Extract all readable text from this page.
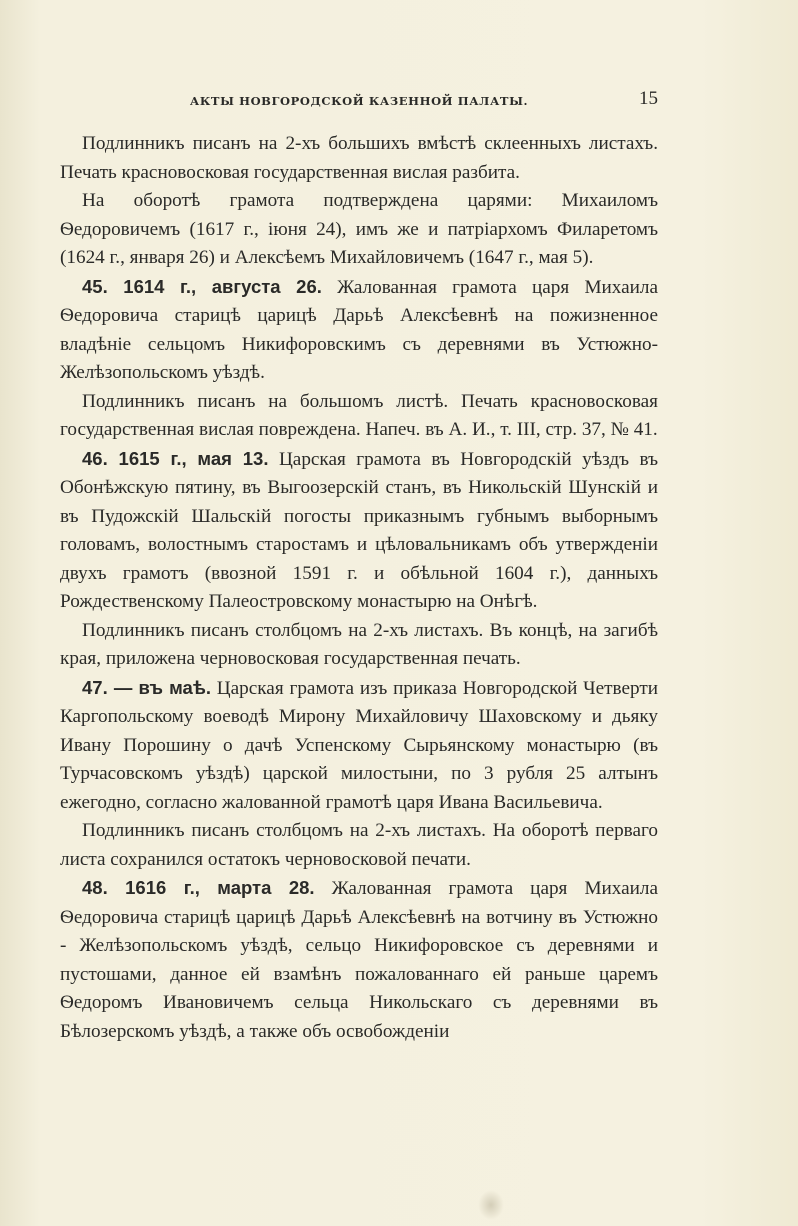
АКТЫ НОВГОРОДСКОЙ КАЗЕННОЙ ПАЛАТЫ.	15

Подлинникъ писанъ на 2-хъ большихъ вмѣстѣ склеенныхъ листахъ. Печать красновосковая государственная вислая разбита.

На оборотѣ грамота подтверждена царями: Михаиломъ Ѳедоровичемъ (1617 г., іюня 24), имъ же и патріархомъ Филаретомъ (1624 г., января 26) и Алексѣемъ Михайловичемъ (1647 г., мая 5).

45. 1614 г., августа 26. Жалованная грамота царя Михаила Ѳедоровича старицѣ царицѣ Дарьѣ Алексѣевнѣ на пожизненное владѣніе сельцомъ Никифоровскимъ съ деревнями въ Устюжно-Желѣзопольскомъ уѣздѣ.

Подлинникъ писанъ на большомъ листѣ. Печать красновосковая государственная вислая повреждена. Напеч. въ А. И., т. III, стр. 37, № 41.

46. 1615 г., мая 13. Царская грамота въ Новгородскій уѣздъ въ Обонѣжскую пятину, въ Выгоозерскій станъ, въ Никольскій Шунскій и въ Пудожскій Шальскій погосты приказнымъ губнымъ выборнымъ головамъ, волостнымъ старостамъ и цѣловальникамъ объ утвержденіи двухъ грамотъ (ввозной 1591 г. и обѣльной 1604 г.), данныхъ Рождественскому Палеостровскому монастырю на Онѣгѣ.

Подлинникъ писанъ столбцомъ на 2-хъ листахъ. Въ концѣ, на загибѣ края, приложена черновосковая государственная печать.

47. — въ маѣ. Царская грамота изъ приказа Новгородской Четверти Каргопольскому воеводѣ Мирону Михайловичу Шаховскому и дьяку Ивану Порошину о дачѣ Успенскому Сырьянскому монастырю (въ Турчасовскомъ уѣздѣ) царской милостыни, по 3 рубля 25 алтынъ ежегодно, согласно жалованной грамотѣ царя Ивана Васильевича.

Подлинникъ писанъ столбцомъ на 2-хъ листахъ. На оборотѣ перваго листа сохранился остатокъ черновосковой печати.

48. 1616 г., марта 28. Жалованная грамота царя Михаила Ѳедоровича старицѣ царицѣ Дарьѣ Алексѣевнѣ на вотчину въ Устюжно - Желѣзопольскомъ уѣздѣ, сельцо Никифоровское съ деревнями и пустошами, данное ей взамѣнъ пожалованнаго ей раньше царемъ Ѳедоромъ Ивановичемъ сельца Никольскаго съ деревнями въ Бѣлозерскомъ уѣздѣ, а также объ освобожденіи
